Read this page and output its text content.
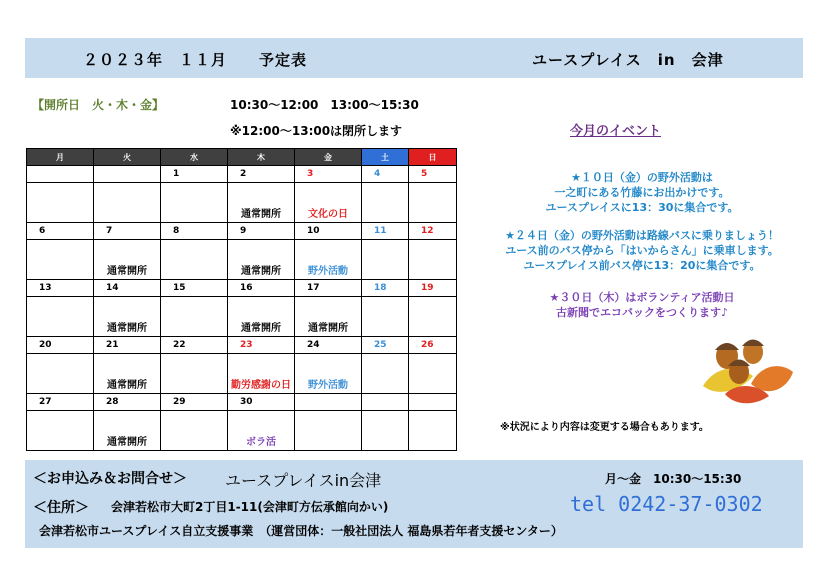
２０２３年　１１月　　予定表	ユースプレイス　in　会津
【開所日　火・木・金】	10:30～12:00　13:00～15:30
※12:00～13:00は閉所します
月	火	水	木	金	土	日
		1	2	3	4	5
			通常開所	文化の日		
6	7	8	9	10	11	12
	通常開所		通常開所	野外活動		
13	14	15	16	17	18	19
	通常開所		通常開所	通常開所		
20	21	22	23	24	25	26
	通常開所		勤労感謝の日	野外活動		
27	28	29	30			
	通常開所		ボラ活			
今月のイベント
★１０日（金）の野外活動は
一之町にある竹藤にお出かけです。
ユースプレイスに13：30に集合です。
★２４日（金）の野外活動は路線バスに乗りましょう！
ユース前のバス停から「はいからさん」に乗車します。
ユースプレイス前バス停に13：20に集合です。
★３０日（木）はボランティア活動日
古新聞でエコバックをつくります♪
※状況により内容は変更する場合もあります。
＜お申込み＆お問合せ＞ ユースプレイスin会津	月～金　10:30～15:30
＜住所＞ 会津若松市大町2丁目1-11(会津町方伝承館向かい)	tel 0242-37-0302
会津若松市ユースプレイス自立支援事業　（運営団体：一般社団法人 福島県若年者支援センター）
